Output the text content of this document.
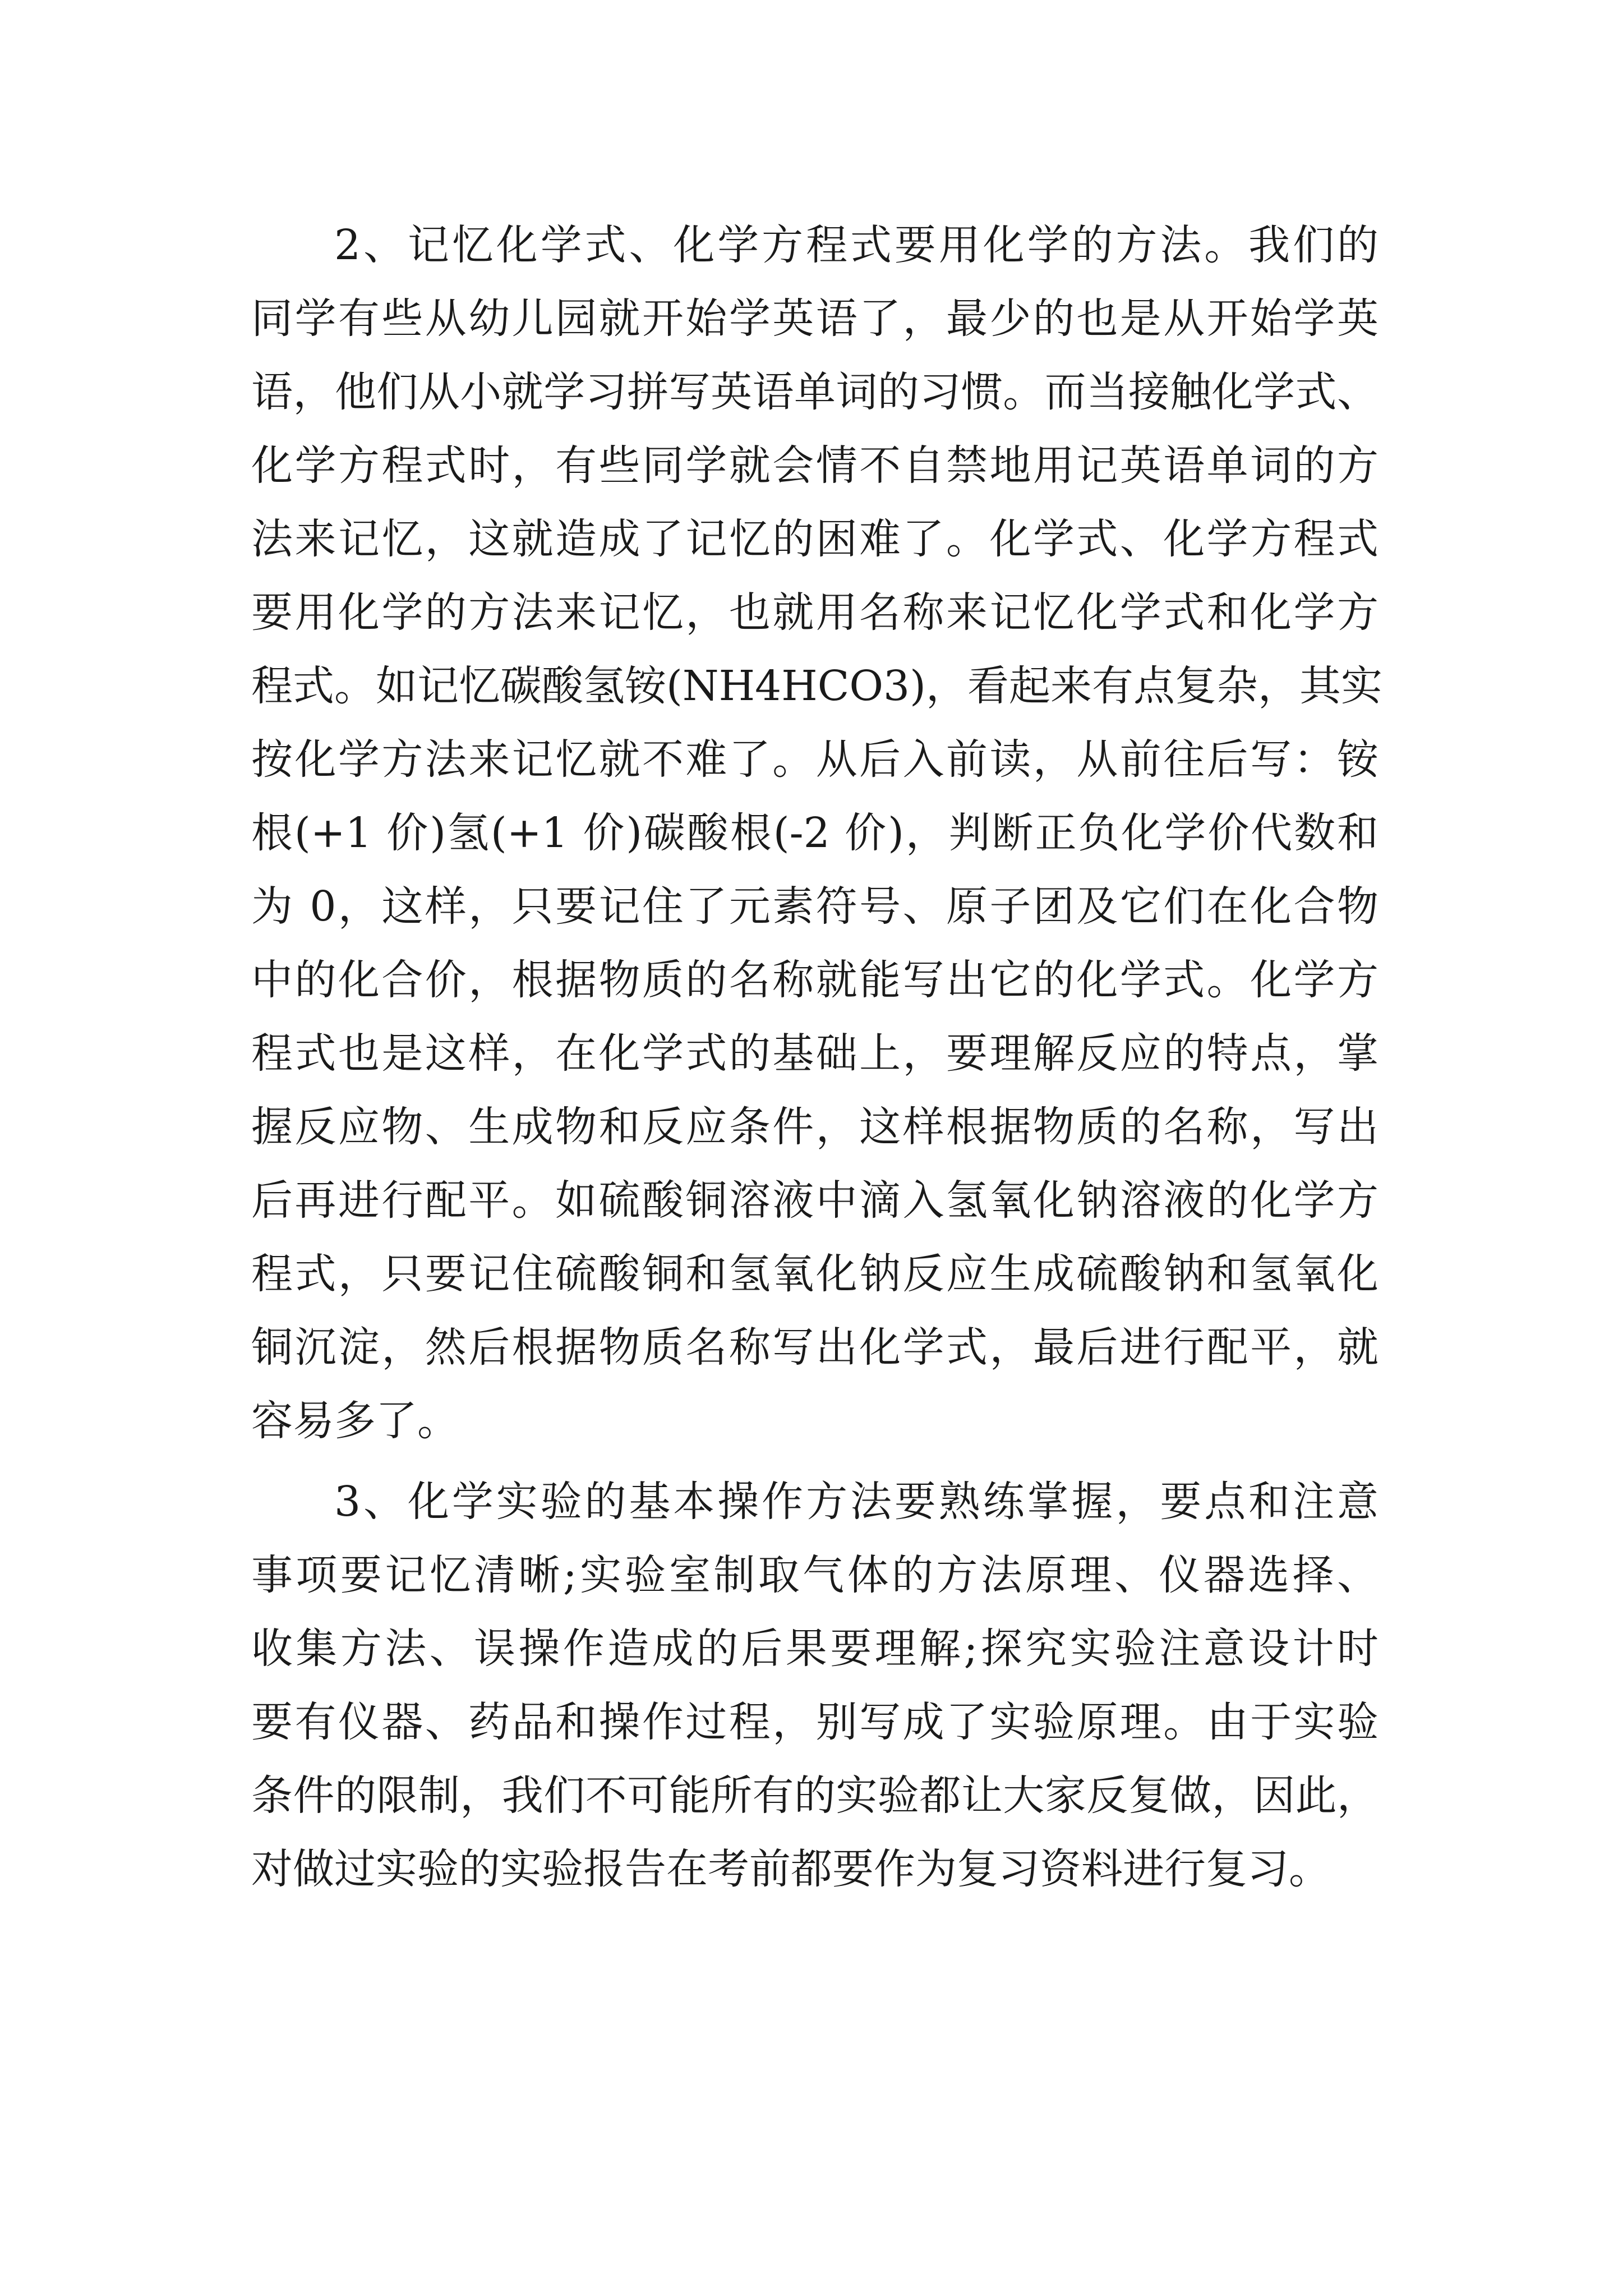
2、记忆化学式、化学方程式要用化学的方法。我们的
同学有些从幼儿园就开始学英语了，最少的也是从开始学英
语，他们从小就学习拼写英语单词的习惯。而当接触化学式、
化学方程式时，有些同学就会情不自禁地用记英语单词的方
法来记忆，这就造成了记忆的困难了。化学式、化学方程式
要用化学的方法来记忆，也就用名称来记忆化学式和化学方
程式。如记忆碳酸氢铵(NH4HCO3)，看起来有点复杂，其实
按化学方法来记忆就不难了。从后入前读，从前往后写：铵
根(+1 价)氢(+1 价)碳酸根(-2 价)，判断正负化学价代数和
为 0，这样，只要记住了元素符号、原子团及它们在化合物
中的化合价，根据物质的名称就能写出它的化学式。化学方
程式也是这样，在化学式的基础上，要理解反应的特点，掌
握反应物、生成物和反应条件，这样根据物质的名称，写出
后再进行配平。如硫酸铜溶液中滴入氢氧化钠溶液的化学方
程式，只要记住硫酸铜和氢氧化钠反应生成硫酸钠和氢氧化
铜沉淀，然后根据物质名称写出化学式，最后进行配平，就
容易多了。
3、化学实验的基本操作方法要熟练掌握，要点和注意
事项要记忆清晰;实验室制取气体的方法原理、仪器选择、
收集方法、误操作造成的后果要理解;探究实验注意设计时
要有仪器、药品和操作过程，别写成了实验原理。由于实验
条件的限制，我们不可能所有的实验都让大家反复做，因此，
对做过实验的实验报告在考前都要作为复习资料进行复习。
